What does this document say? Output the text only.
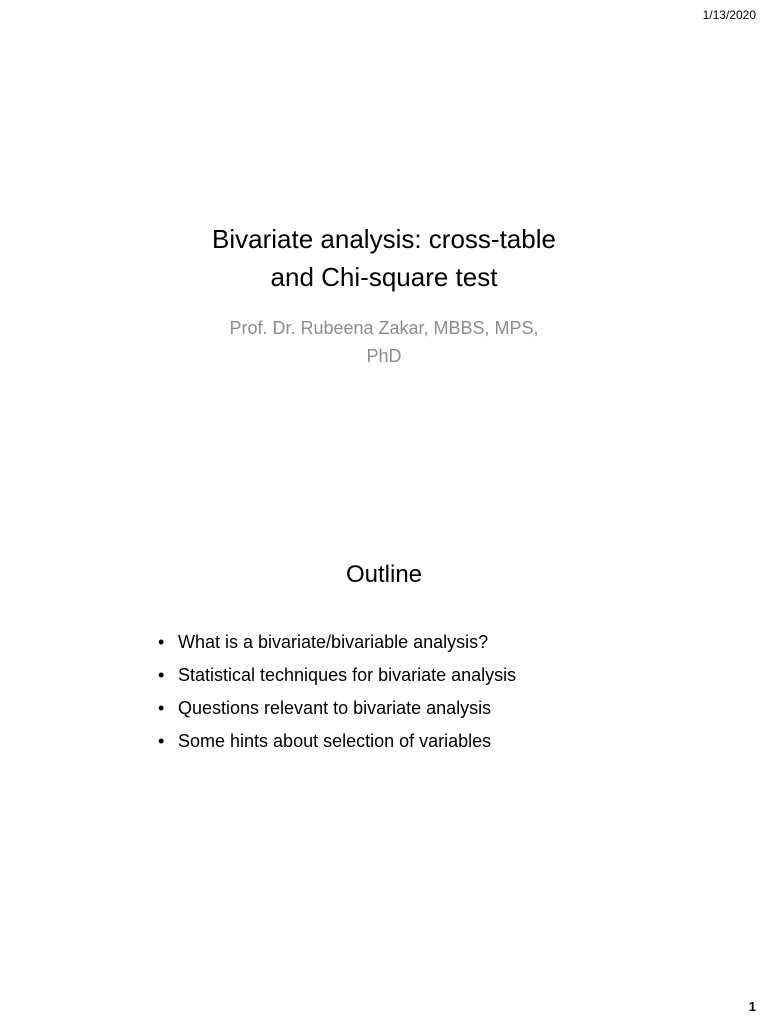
1/13/2020
Bivariate analysis: cross-table
and Chi-square test

Prof. Dr. Rubeena Zakar, MBBS, MPS,
PhD

Outline
• What is a bivariate/bivariable analysis?
• Statistical techniques for bivariate analysis
• Questions relevant to bivariate analysis
• Some hints about selection of variables
1
